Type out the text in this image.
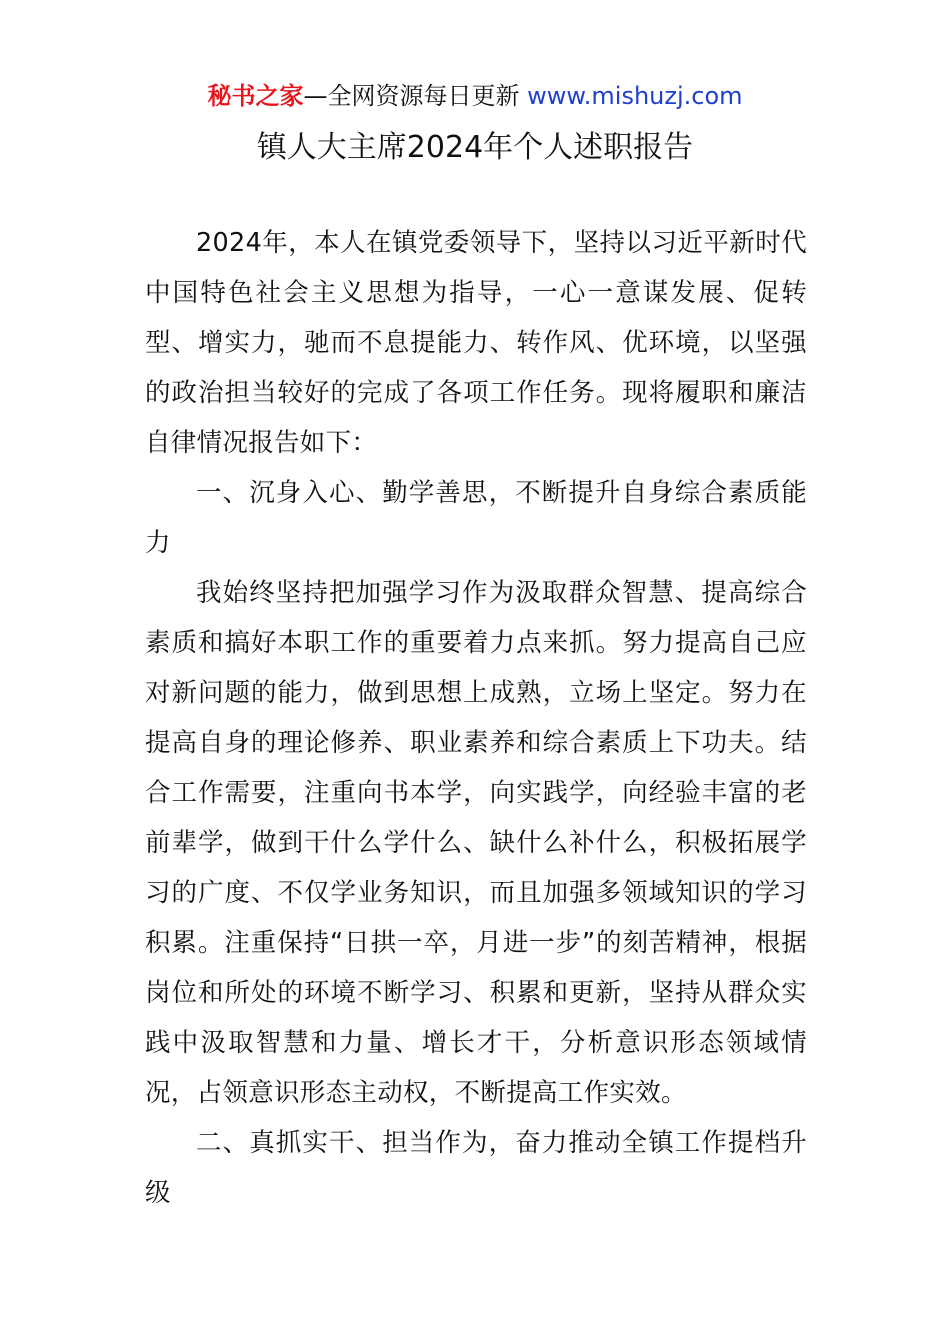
秘书之家—全网资源每日更新 www.mishuzj.com
镇人大主席2024年个人述职报告

2024年，本人在镇党委领导下，坚持以习近平新时代中国特色社会主义思想为指导，一心一意谋发展、促转型、增实力，驰而不息提能力、转作风、优环境，以坚强的政治担当较好的完成了各项工作任务。现将履职和廉洁自律情况报告如下：

一、沉身入心、勤学善思，不断提升自身综合素质能力

我始终坚持把加强学习作为汲取群众智慧、提高综合素质和搞好本职工作的重要着力点来抓。努力提高自己应对新问题的能力，做到思想上成熟，立场上坚定。努力在提高自身的理论修养、职业素养和综合素质上下功夫。结合工作需要，注重向书本学，向实践学，向经验丰富的老前辈学，做到干什么学什么、缺什么补什么，积极拓展学习的广度、不仅学业务知识，而且加强多领域知识的学习积累。注重保持“日拱一卒，月进一步”的刻苦精神，根据岗位和所处的环境不断学习、积累和更新，坚持从群众实践中汲取智慧和力量、增长才干，分析意识形态领域情况，占领意识形态主动权，不断提高工作实效。

二、真抓实干、担当作为，奋力推动全镇工作提档升级
